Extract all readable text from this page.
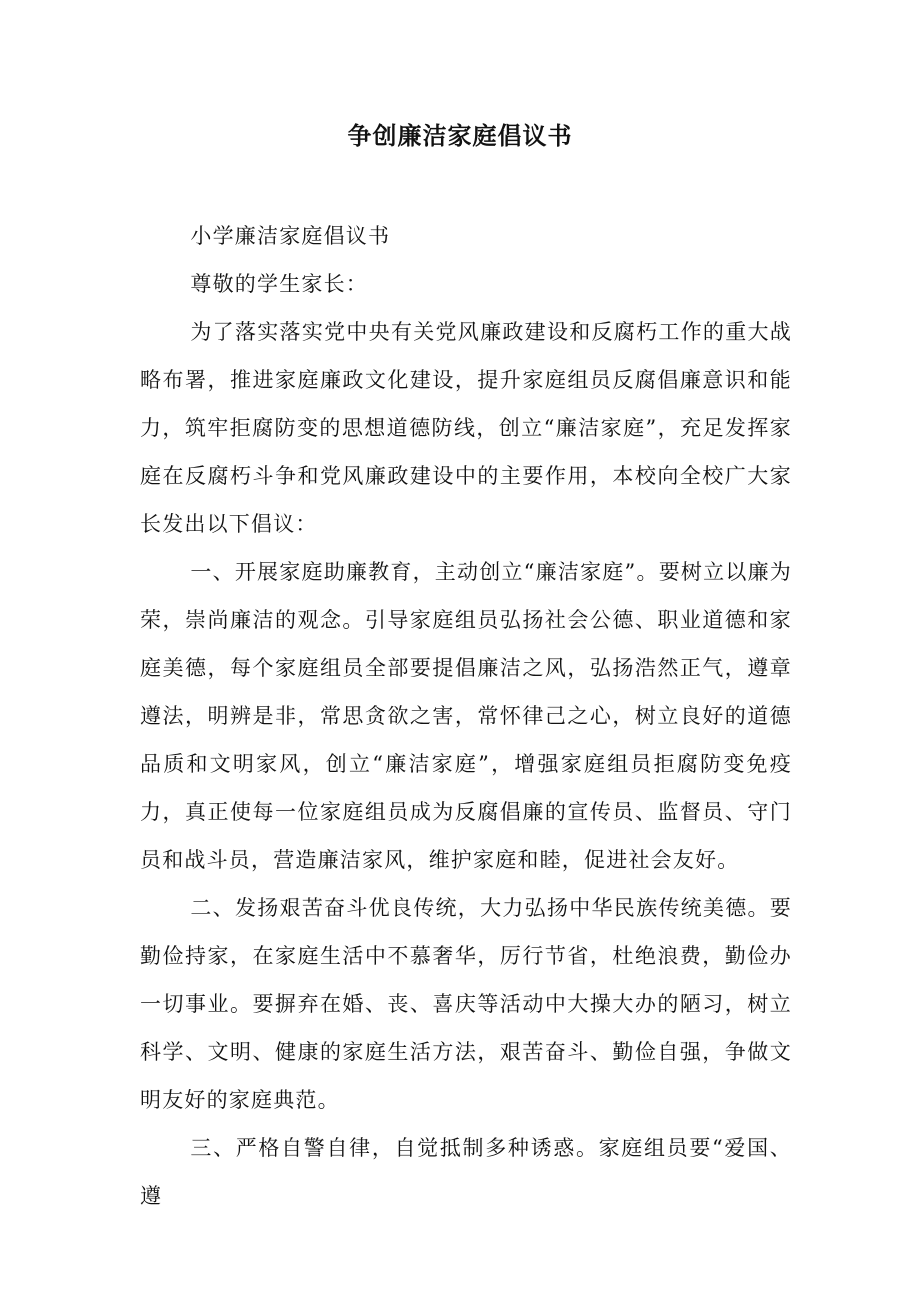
争创廉洁家庭倡议书

小学廉洁家庭倡议书

尊敬的学生家长：

为了落实落实党中央有关党风廉政建设和反腐朽工作的重大战略布署，推进家庭廉政文化建设，提升家庭组员反腐倡廉意识和能力，筑牢拒腐防变的思想道德防线，创立“廉洁家庭”，充足发挥家庭在反腐朽斗争和党风廉政建设中的主要作用，本校向全校广大家长发出以下倡议：

一、开展家庭助廉教育，主动创立“廉洁家庭”。要树立以廉为荣，崇尚廉洁的观念。引导家庭组员弘扬社会公德、职业道德和家庭美德，每个家庭组员全部要提倡廉洁之风，弘扬浩然正气，遵章遵法，明辨是非，常思贪欲之害，常怀律己之心，树立良好的道德品质和文明家风，创立“廉洁家庭”，增强家庭组员拒腐防变免疫力，真正使每一位家庭组员成为反腐倡廉的宣传员、监督员、守门员和战斗员，营造廉洁家风，维护家庭和睦，促进社会友好。

二、发扬艰苦奋斗优良传统，大力弘扬中华民族传统美德。要勤俭持家，在家庭生活中不慕奢华，厉行节省，杜绝浪费，勤俭办一切事业。要摒弃在婚、丧、喜庆等活动中大操大办的陋习，树立科学、文明、健康的家庭生活方法，艰苦奋斗、勤俭自强，争做文明友好的家庭典范。

三、严格自警自律，自觉抵制多种诱惑。家庭组员要“爱国、遵
